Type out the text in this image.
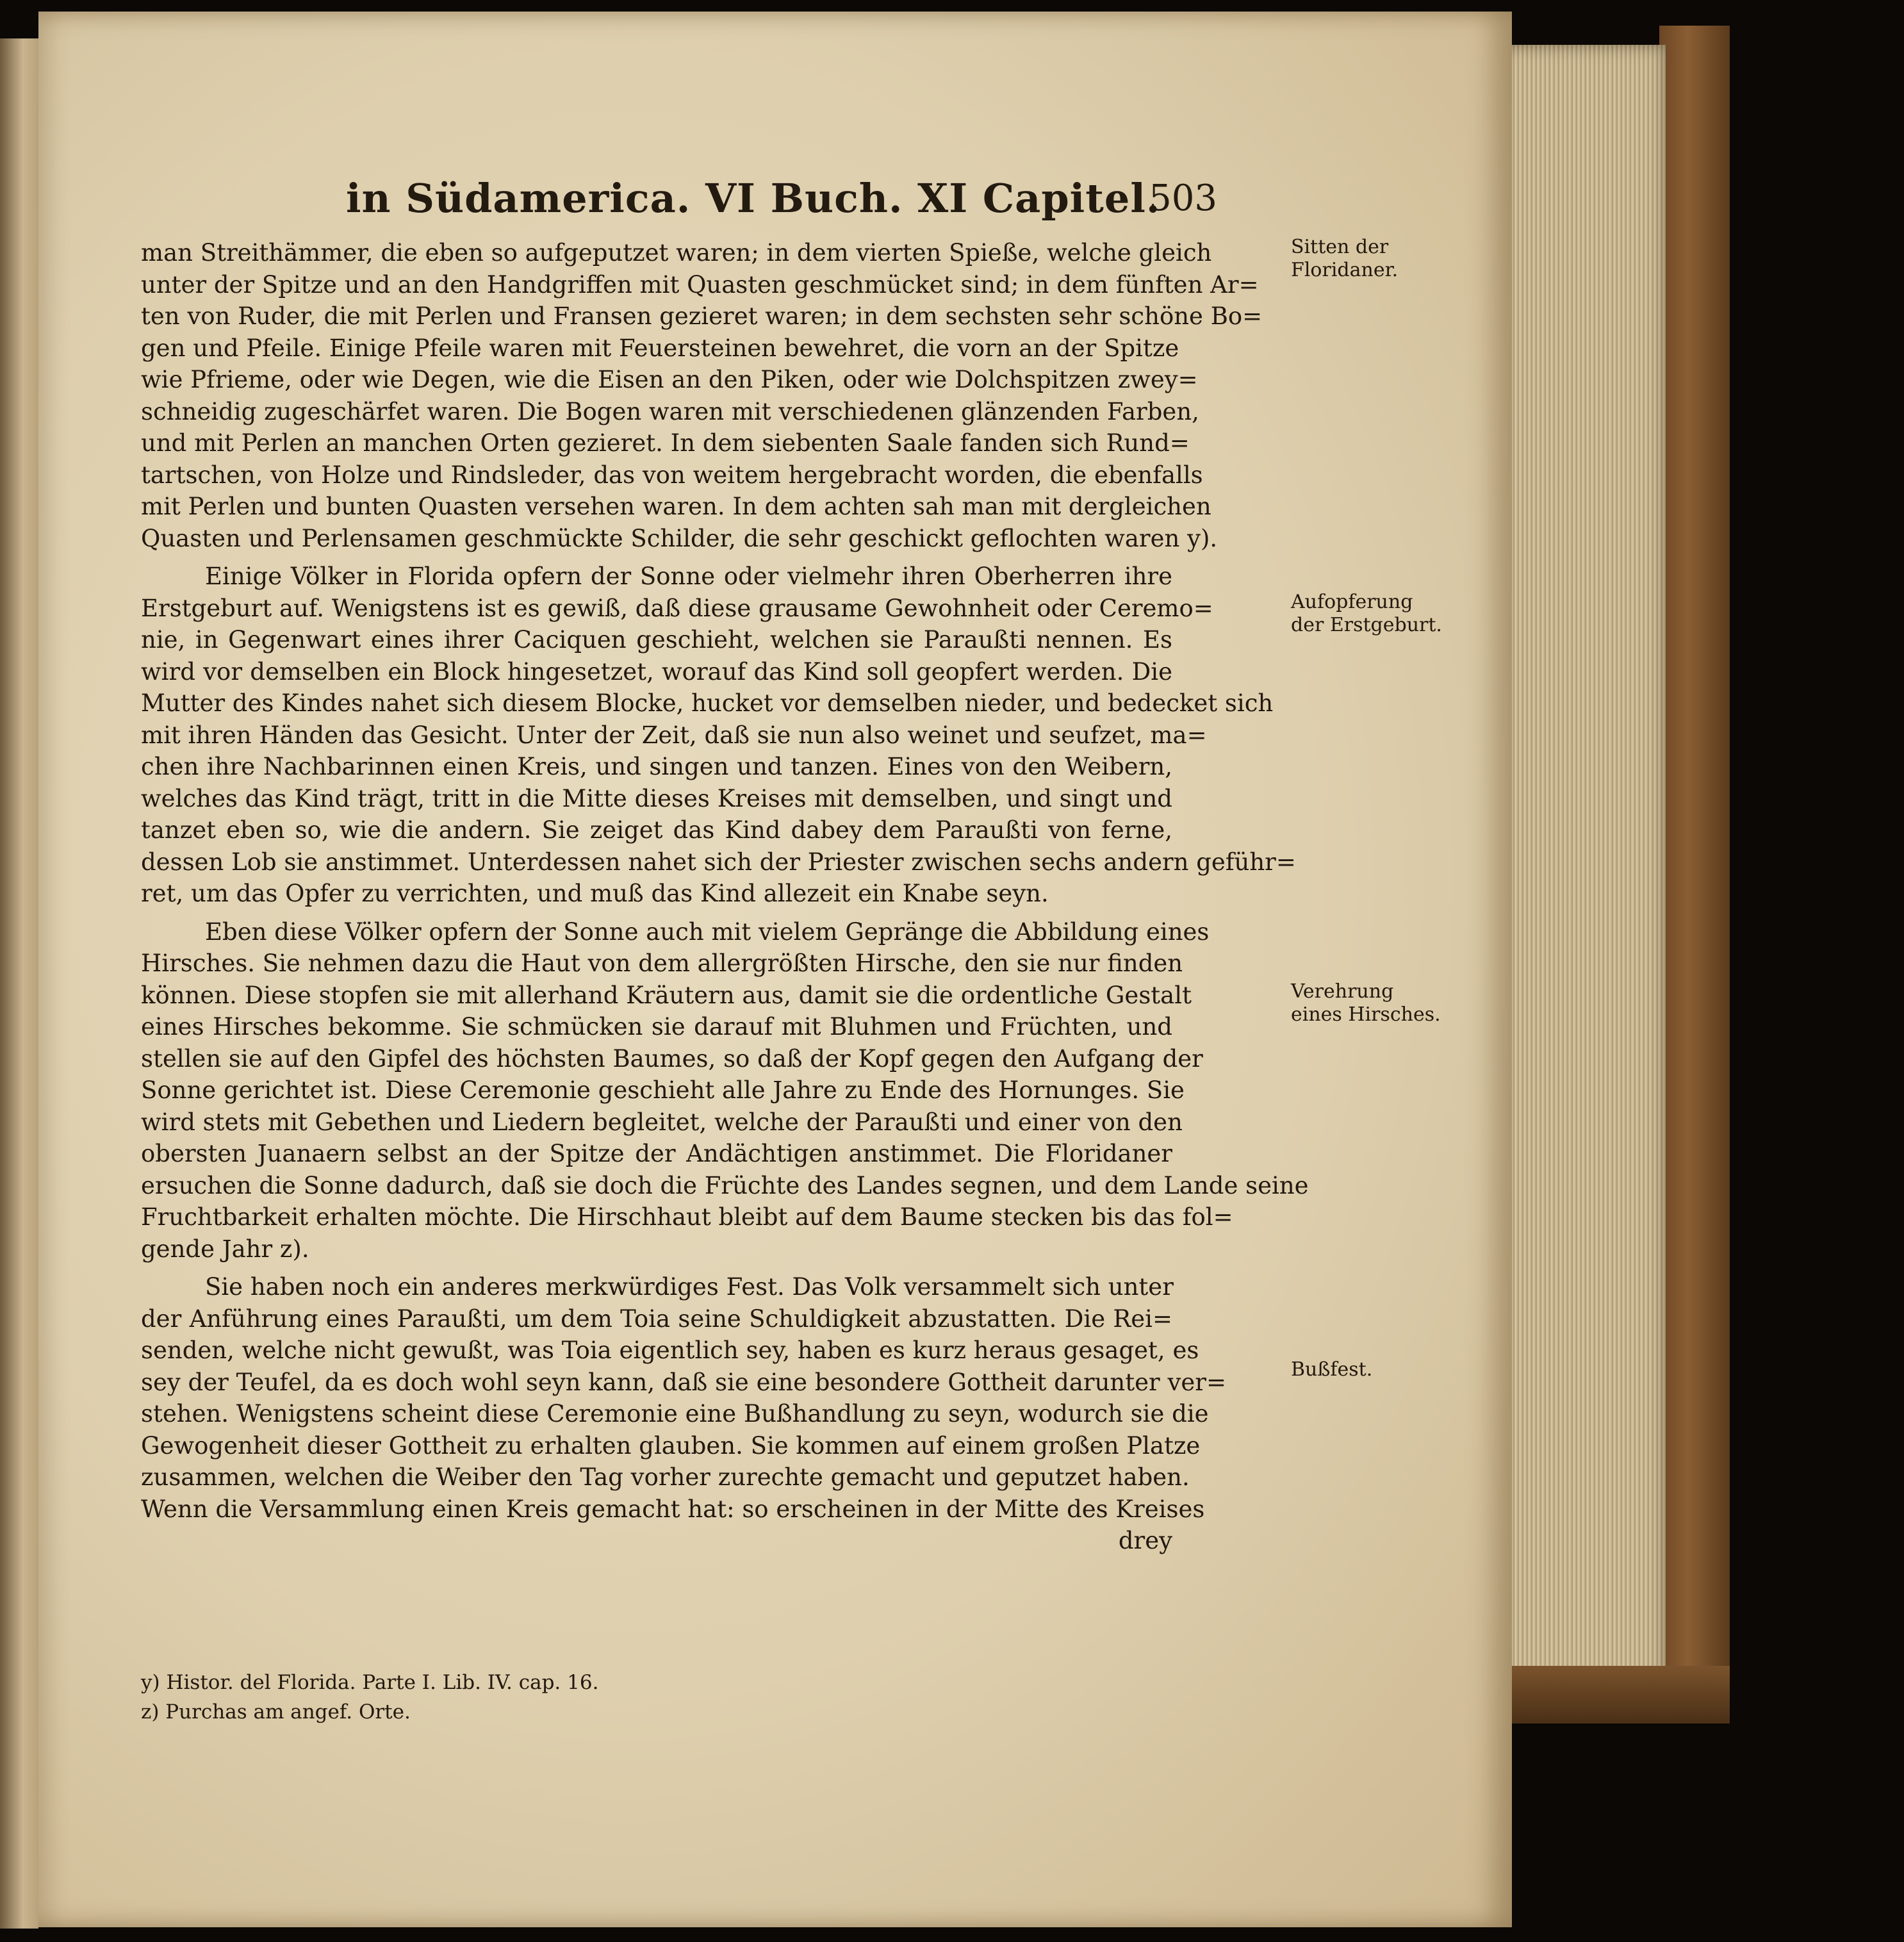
in Südamerica. VI Buch. XI Capitel.
503
man Streithämmer, die eben so aufgeputzet waren; in dem vierten Spieße, welche gleich
unter der Spitze und an den Handgriffen mit Quasten geschmücket sind; in dem fünften Ar=
ten von Ruder, die mit Perlen und Fransen gezieret waren; in dem sechsten sehr schöne Bo=
gen und Pfeile. Einige Pfeile waren mit Feuersteinen bewehret, die vorn an der Spitze
wie Pfrieme, oder wie Degen, wie die Eisen an den Piken, oder wie Dolchspitzen zwey=
schneidig zugeschärfet waren. Die Bogen waren mit verschiedenen glänzenden Farben,
und mit Perlen an manchen Orten gezieret. In dem siebenten Saale fanden sich Rund=
tartschen, von Holze und Rindsleder, das von weitem hergebracht worden, die ebenfalls
mit Perlen und bunten Quasten versehen waren. In dem achten sah man mit dergleichen
Quasten und Perlensamen geschmückte Schilder, die sehr geschickt geflochten waren y).
Einige Völker in Florida opfern der Sonne oder vielmehr ihren Oberherren ihre
Erstgeburt auf. Wenigstens ist es gewiß, daß diese grausame Gewohnheit oder Ceremo=
nie, in Gegenwart eines ihrer Caciquen geschieht, welchen sie Paraußti nennen. Es
wird vor demselben ein Block hingesetzet, worauf das Kind soll geopfert werden. Die
Mutter des Kindes nahet sich diesem Blocke, hucket vor demselben nieder, und bedecket sich
mit ihren Händen das Gesicht. Unter der Zeit, daß sie nun also weinet und seufzet, ma=
chen ihre Nachbarinnen einen Kreis, und singen und tanzen. Eines von den Weibern,
welches das Kind trägt, tritt in die Mitte dieses Kreises mit demselben, und singt und
tanzet eben so, wie die andern. Sie zeiget das Kind dabey dem Paraußti von ferne,
dessen Lob sie anstimmet. Unterdessen nahet sich der Priester zwischen sechs andern geführ=
ret, um das Opfer zu verrichten, und muß das Kind allezeit ein Knabe seyn.
Eben diese Völker opfern der Sonne auch mit vielem Gepränge die Abbildung eines
Hirsches. Sie nehmen dazu die Haut von dem allergrößten Hirsche, den sie nur finden
können. Diese stopfen sie mit allerhand Kräutern aus, damit sie die ordentliche Gestalt
eines Hirsches bekomme. Sie schmücken sie darauf mit Bluhmen und Früchten, und
stellen sie auf den Gipfel des höchsten Baumes, so daß der Kopf gegen den Aufgang der
Sonne gerichtet ist. Diese Ceremonie geschieht alle Jahre zu Ende des Hornunges. Sie
wird stets mit Gebethen und Liedern begleitet, welche der Paraußti und einer von den
obersten Juanaern selbst an der Spitze der Andächtigen anstimmet. Die Floridaner
ersuchen die Sonne dadurch, daß sie doch die Früchte des Landes segnen, und dem Lande seine
Fruchtbarkeit erhalten möchte. Die Hirschhaut bleibt auf dem Baume stecken bis das fol=
gende Jahr z).
Sie haben noch ein anderes merkwürdiges Fest. Das Volk versammelt sich unter
der Anführung eines Paraußti, um dem Toia seine Schuldigkeit abzustatten. Die Rei=
senden, welche nicht gewußt, was Toia eigentlich sey, haben es kurz heraus gesaget, es
sey der Teufel, da es doch wohl seyn kann, daß sie eine besondere Gottheit darunter ver=
stehen. Wenigstens scheint diese Ceremonie eine Bußhandlung zu seyn, wodurch sie die
Gewogenheit dieser Gottheit zu erhalten glauben. Sie kommen auf einem großen Platze
zusammen, welchen die Weiber den Tag vorher zurechte gemacht und geputzet haben.
Wenn die Versammlung einen Kreis gemacht hat: so erscheinen in der Mitte des Kreises
drey
Sitten der
Floridaner.
Aufopferung
der Erstgeburt.
Verehrung
eines Hirsches.
Bußfest.
y) Histor. del Florida. Parte I. Lib. IV. cap. 16.
z) Purchas am angef. Orte.
